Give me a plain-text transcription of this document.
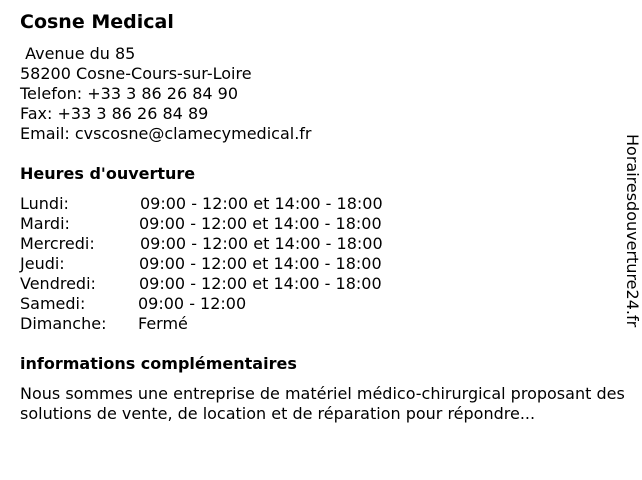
Cosne Medical
Avenue du 85
58200 Cosne-Cours-sur-Loire
Telefon: +33 3 86 26 84 90
Fax: +33 3 86 26 84 89
Email: cvscosne@clamecymedical.fr
Heures d'ouverture
Lundi:	09:00 - 12:00 et 14:00 - 18:00
Mardi:	09:00 - 12:00 et 14:00 - 18:00
Mercredi:	09:00 - 12:00 et 14:00 - 18:00
Jeudi:	09:00 - 12:00 et 14:00 - 18:00
Vendredi:	09:00 - 12:00 et 14:00 - 18:00
Samedi:	09:00 - 12:00
Dimanche: Fermé
informations complémentaires
Nous sommes une entreprise de matériel médico-chirurgical proposant des solutions de vente, de location et de réparation pour répondre...
Horairesdouverture24.fr
